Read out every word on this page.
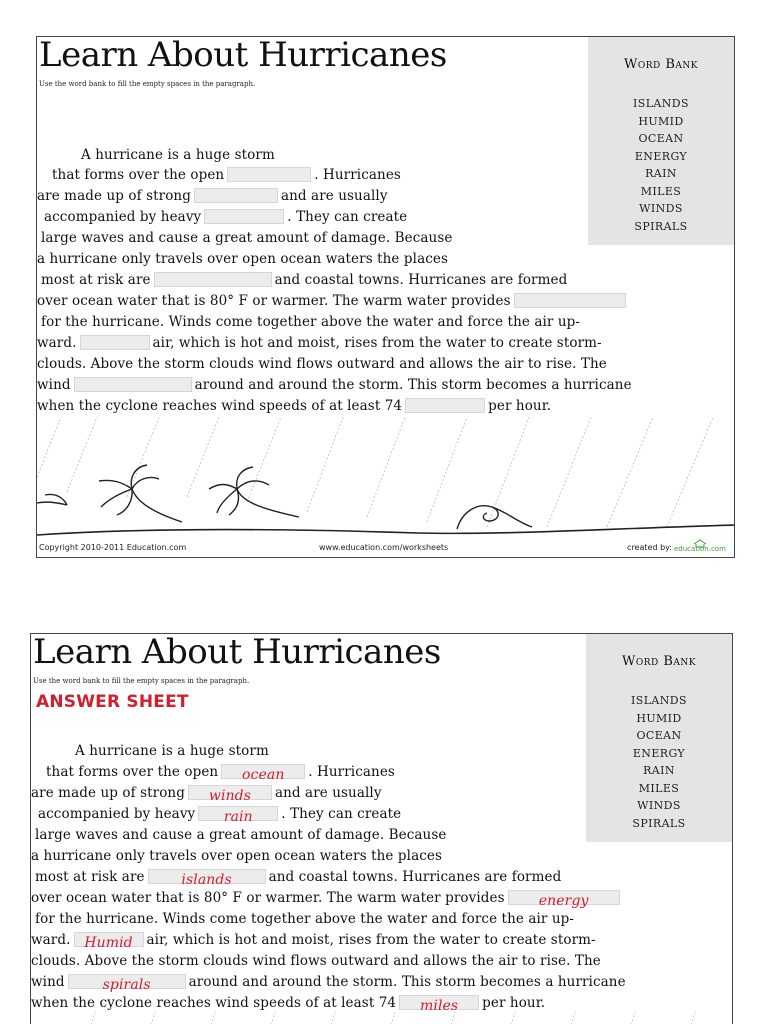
Learn About Hurricanes
Use the word bank to fill the empty spaces in the paragraph.
Word Bank
ISLANDS
HUMID
OCEAN
ENERGY
RAIN
MILES
WINDS
SPIRALS
A hurricane is a huge storm
that forms over the open	. Hurricanes
are made up of strong	and are usually
accompanied by heavy	. They can create
large waves and cause a great amount of damage. Because
a hurricane only travels over open ocean waters the places
most at risk are	and coastal towns. Hurricanes are formed
over ocean water that is 80° F or warmer. The warm water provides
for the hurricane. Winds come together above the water and force the air up-
ward.	air, which is hot and moist, rises from the water to create storm-
clouds. Above the storm clouds wind flows outward and allows the air to rise. The
wind	around and around the storm. This storm becomes a hurricane
when the cyclone reaches wind speeds of at least 74	per hour.
Copyright 2010-2011 Education.com	www.education.com/worksheets	created by: education.com
Learn About Hurricanes
Use the word bank to fill the empty spaces in the paragraph.
ANSWER SHEET
Word Bank
ISLANDS
HUMID
OCEAN
ENERGY
RAIN
MILES
WINDS
SPIRALS
A hurricane is a huge storm
that forms over the open ocean . Hurricanes
are made up of strong winds and are usually
accompanied by heavy rain . They can create
large waves and cause a great amount of damage. Because
a hurricane only travels over open ocean waters the places
most at risk are	islands	and coastal towns. Hurricanes are formed
over ocean water that is 80° F or warmer. The warm water provides energy
for the hurricane. Winds come together above the water and force the air up-
ward. Humid air, which is hot and moist, rises from the water to create storm-
clouds. Above the storm clouds wind flows outward and allows the air to rise. The
wind	spirals	around and around the storm. This storm becomes a hurricane
when the cyclone reaches wind speeds of at least 74 miles per hour.
